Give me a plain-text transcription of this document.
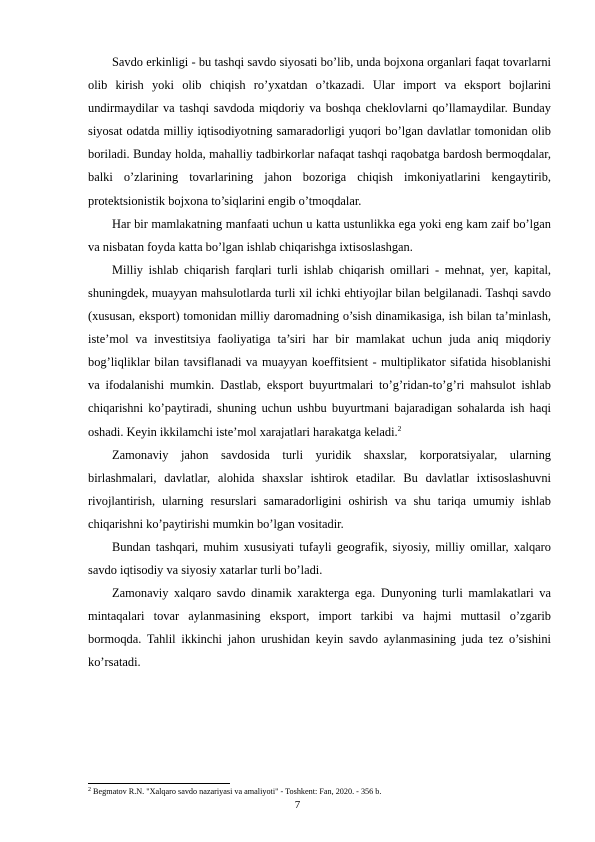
Savdo erkinligi - bu tashqi savdo siyosati bo’lib, unda bojxona organlari faqat tovarlarni olib kirish yoki olib chiqish ro’yxatdan o’tkazadi. Ular import va eksport bojlarini undirmaydilar va tashqi savdoda miqdoriy va boshqa cheklovlarni qo’llamaydilar. Bunday siyosat odatda milliy iqtisodiyotning samaradorligi yuqori bo’lgan davlatlar tomonidan olib boriladi. Bunday holda, mahalliy tadbirkorlar nafaqat tashqi raqobatga bardosh bermoqdalar, balki o’zlarining tovarlarining jahon bozoriga chiqish imkoniyatlarini kengaytirib, protektsionistik bojxona to’siqlarini engib o’tmoqdalar.

Har bir mamlakatning manfaati uchun u katta ustunlikka ega yoki eng kam zaif bo’lgan va nisbatan foyda katta bo’lgan ishlab chiqarishga ixtisoslashgan.

Milliy ishlab chiqarish farqlari turli ishlab chiqarish omillari - mehnat, yer, kapital, shuningdek, muayyan mahsulotlarda turli xil ichki ehtiyojlar bilan belgilanadi. Tashqi savdo (xususan, eksport) tomonidan milliy daromadning o’sish dinamikasiga, ish bilan ta’minlash, iste’mol va investitsiya faoliyatiga ta’siri har bir mamlakat uchun juda aniq miqdoriy bog’liqliklar bilan tavsiflanadi va muayyan koeffitsient - multiplikator sifatida hisoblanishi va ifodalanishi mumkin. Dastlab, eksport buyurtmalari to’g’ridan-to’g’ri mahsulot ishlab chiqarishni ko’paytiradi, shuning uchun ushbu buyurtmani bajaradigan sohalarda ish haqi oshadi. Keyin ikkilamchi iste’mol xarajatlari harakatga keladi.$^2$

Zamonaviy jahon savdosida turli yuridik shaxslar, korporatsiyalar, ularning birlashmalari, davlatlar, alohida shaxslar ishtirok etadilar. Bu davlatlar ixtisoslashuvni rivojlantirish, ularning resurslari samaradorligini oshirish va shu tariqa umumiy ishlab chiqarishni ko’paytirishi mumkin bo’lgan vositadir.

Bundan tashqari, muhim xususiyati tufayli geografik, siyosiy, milliy omillar, xalqaro savdo iqtisodiy va siyosiy xatarlar turli bo’ladi.

Zamonaviy xalqaro savdo dinamik xarakterga ega. Dunyoning turli mamlakatlari va mintaqalari tovar aylanmasining eksport, import tarkibi va hajmi muttasil o’zgarib bormoqda. Tahlil ikkinchi jahon urushidan keyin savdo aylanmasining juda tez o’sishini ko’rsatadi.

$^2$ Begmatov R.N. "Xalqaro savdo nazariyasi va amaliyoti" - Toshkent: Fan, 2020. - 356 b.
7
